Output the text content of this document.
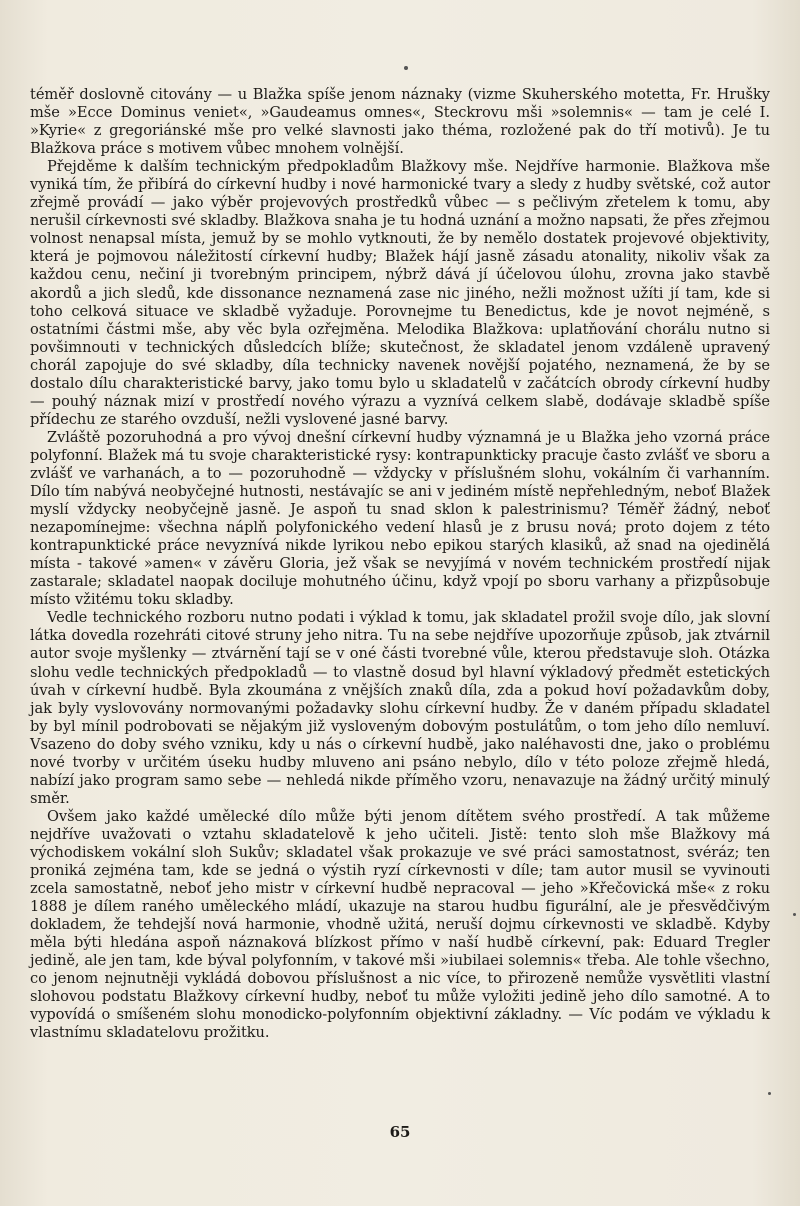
téměř doslovně citovány — u Blažka spíše jenom náznaky (vizme Skuherského motetta, Fr. Hrušky mše »Ecce Dominus veniet«, »Gaudeamus omnes«, Steckrovu mši »solemnis« — tam je celé I. »Kyrie« z gregoriánské mše pro velké slavnosti jako théma, rozložené pak do tří motivů). Je tu Blažkova práce s motivem vůbec mnohem volnější.

Přejděme k dalším technickým předpokladům Blažkovy mše. Nejdříve harmonie. Blažkova mše vyniká tím, že přibírá do církevní hudby i nové harmonické tvary a sledy z hudby světské, což autor zřejmě provádí — jako výběr projevových prostředků vůbec — s pečlivým zřetelem k tomu, aby nerušil církevnosti své skladby. Blažkova snaha je tu hodná uznání a možno napsati, že přes zřejmou volnost nenapsal místa, jemuž by se mohlo vytknouti, že by nemělo dostatek projevové objektivity, která je pojmovou náležitostí církevní hudby; Blažek hájí jasně zásadu atonality, nikoliv však za každou cenu, nečiní ji tvorebným principem, nýbrž dává jí účelovou úlohu, zrovna jako stavbě akordů a jich sledů, kde dissonance neznamená zase nic jiného, nežli možnost užíti jí tam, kde si toho celková situace ve skladbě vyžaduje. Porovnejme tu Benedictus, kde je novot nejméně, s ostatními částmi mše, aby věc byla ozřejměna. Melodika Blažkova: uplatňování chorálu nutno si povšimnouti v technických důsledcích blíže; skutečnost, že skladatel jenom vzdáleně upravený chorál zapojuje do své skladby, díla technicky navenek novější pojatého, neznamená, že by se dostalo dílu charakteristické barvy, jako tomu bylo u skladatelů v začátcích obrody církevní hudby — pouhý náznak mizí v prostředí nového výrazu a vyznívá celkem slabě, dodávaje skladbě spíše přídechu ze starého ovzduší, nežli vyslovené jasné barvy.

Zvláště pozoruhodná a pro vývoj dnešní církevní hudby významná je u Blažka jeho vzorná práce polyfonní. Blažek má tu svoje charakteristické rysy: kontrapunkticky pracuje často zvlášť ve sboru a zvlášť ve varhanách, a to — pozoruhodně — vždycky v příslušném slohu, vokálním či varhanním. Dílo tím nabývá neobyčejné hutnosti, nestávajíc se ani v jediném místě nepřehledným, neboť Blažek myslí vždycky neobyčejně jasně. Je aspoň tu snad sklon k palestrinismu? Téměř žádný, neboť nezapomínejme: všechna náplň polyfonického vedení hlasů je z brusu nová; proto dojem z této kontrapunktické práce nevyznívá nikde lyrikou nebo epikou starých klasiků, až snad na ojedinělá místa - takové »amen« v závěru Gloria, jež však se nevyjímá v novém technickém prostředí nijak zastarale; skladatel naopak dociluje mohutného účinu, když vpojí po sboru varhany a přizpůsobuje místo vžitému toku skladby.

Vedle technického rozboru nutno podati i výklad k tomu, jak skladatel prožil svoje dílo, jak slovní látka dovedla rozehráti citové struny jeho nitra. Tu na sebe nejdříve upozorňuje způsob, jak ztvárnil autor svoje myšlenky — ztvárnění tají se v oné části tvorebné vůle, kterou představuje sloh. Otázka slohu vedle technických předpokladů — to vlastně dosud byl hlavní výkladový předmět estetických úvah v církevní hudbě. Byla zkoumána z vnějších znaků díla, zda a pokud hoví požadavkům doby, jak byly vyslovovány normovanými požadavky slohu církevní hudby. Že v daném případu skladatel by byl mínil podrobovati se nějakým již vysloveným dobovým postulátům, o tom jeho dílo nemluví. Vsazeno do doby svého vzniku, kdy u nás o církevní hudbě, jako naléhavosti dne, jako o problému nové tvorby v určitém úseku hudby mluveno ani psáno nebylo, dílo v této poloze zřejmě hledá, nabízí jako program samo sebe — nehledá nikde příměho vzoru, nenavazuje na žádný určitý minulý směr.

Ovšem jako každé umělecké dílo může býti jenom dítětem svého prostředí. A tak můžeme nejdříve uvažovati o vztahu skladatelově k jeho učiteli. Jistě: tento sloh mše Blažkovy má východiskem vokální sloh Sukův; skladatel však prokazuje ve své práci samostatnost, svéráz; ten proniká zejména tam, kde se jedná o výstih ryzí církevnosti v díle; tam autor musil se vyvinouti zcela samostatně, neboť jeho mistr v církevní hudbě nepracoval — jeho »Křečovická mše« z roku 1888 je dílem raného uměleckého mládí, ukazuje na starou hudbu figurální, ale je přesvědčivým dokladem, že tehdejší nová harmonie, vhodně užitá, neruší dojmu církevnosti ve skladbě. Kdyby měla býti hledána aspoň náznaková blízkost přímo v naší hudbě církevní, pak: Eduard Tregler jedině, ale jen tam, kde býval polyfonním, v takové mši »iubilaei solemnis« třeba. Ale tohle všechno, co jenom nejnutněji vykládá dobovou příslušnost a nic více, to přirozeně nemůže vysvětliti vlastní slohovou podstatu Blažkovy církevní hudby, neboť tu může vyložiti jedině jeho dílo samotné. A to vypovídá o smíšeném slohu monodicko-polyfonním objektivní základny. — Víc podám ve výkladu k vlastnímu skladatelovu prožitku.

65
